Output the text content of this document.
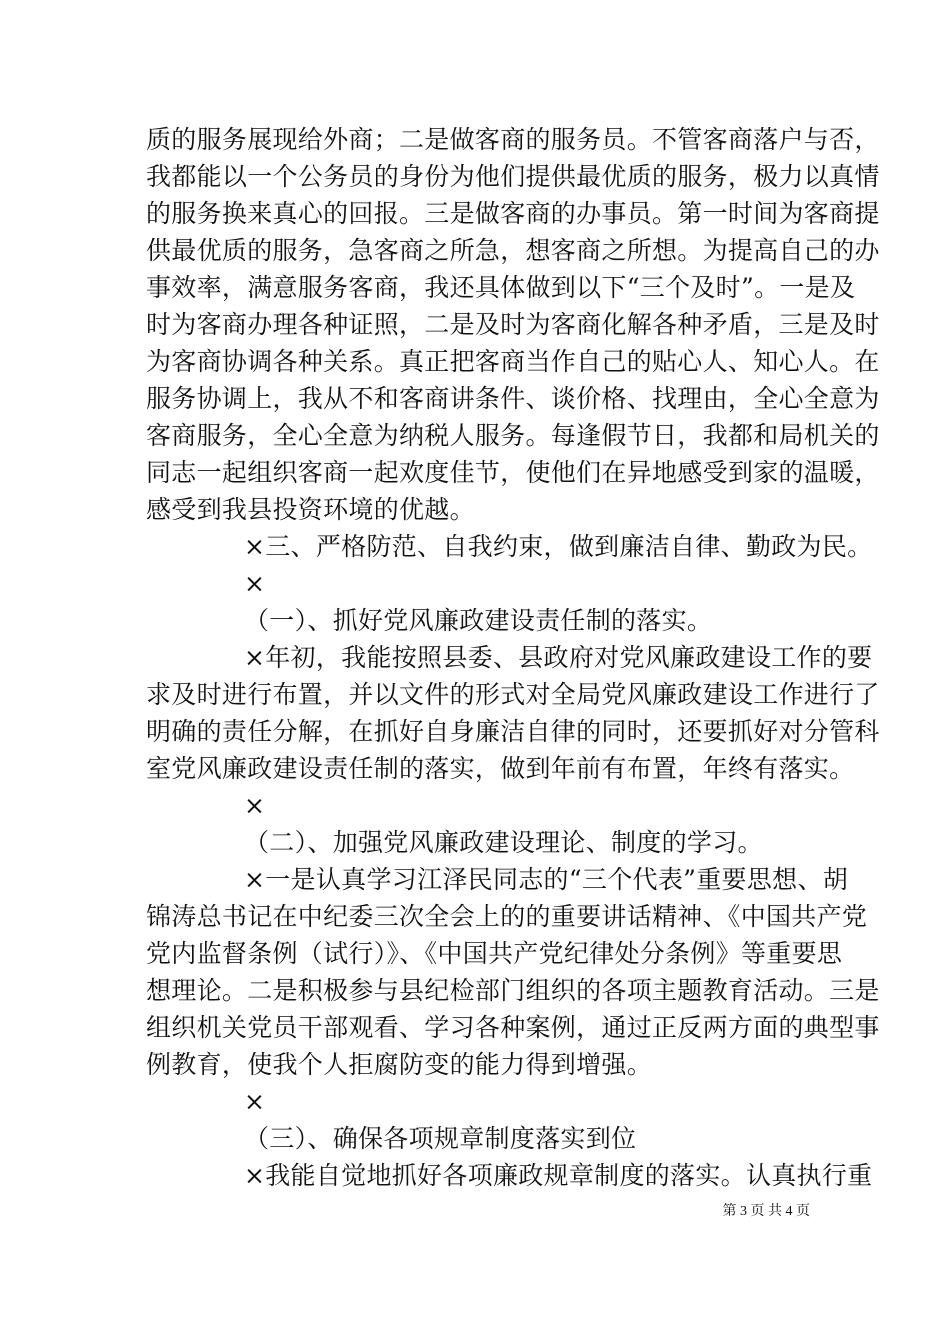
质的服务展现给外商；二是做客商的服务员。不管客商落户与否，
我都能以一个公务员的身份为他们提供最优质的服务，极力以真情
的服务换来真心的回报。三是做客商的办事员。第一时间为客商提
供最优质的服务，急客商之所急，想客商之所想。为提高自己的办
事效率，满意服务客商，我还具体做到以下“三个及时”。一是及
时为客商办理各种证照，二是及时为客商化解各种矛盾，三是及时
为客商协调各种关系。真正把客商当作自己的贴心人、知心人。在
服务协调上，我从不和客商讲条件、谈价格、找理由，全心全意为
客商服务，全心全意为纳税人服务。每逢假节日，我都和局机关的
同志一起组织客商一起欢度佳节，使他们在异地感受到家的温暖，
感受到我县投资环境的优越。
×三、严格防范、自我约束，做到廉洁自律、勤政为民。
×
（一）、抓好党风廉政建设责任制的落实。
×年初，我能按照县委、县政府对党风廉政建设工作的要
求及时进行布置，并以文件的形式对全局党风廉政建设工作进行了
明确的责任分解，在抓好自身廉洁自律的同时，还要抓好对分管科
室党风廉政建设责任制的落实，做到年前有布置，年终有落实。
×
（二）、加强党风廉政建设理论、制度的学习。
×一是认真学习江泽民同志的“三个代表”重要思想、胡
锦涛总书记在中纪委三次全会上的的重要讲话精神、《中国共产党
党内监督条例（试行）》、《中国共产党纪律处分条例》等重要思
想理论。二是积极参与县纪检部门组织的各项主题教育活动。三是
组织机关党员干部观看、学习各种案例，通过正反两方面的典型事
例教育，使我个人拒腐防变的能力得到增强。
×
（三）、确保各项规章制度落实到位
×我能自觉地抓好各项廉政规章制度的落实。认真执行重
第 3 页 共 4 页
